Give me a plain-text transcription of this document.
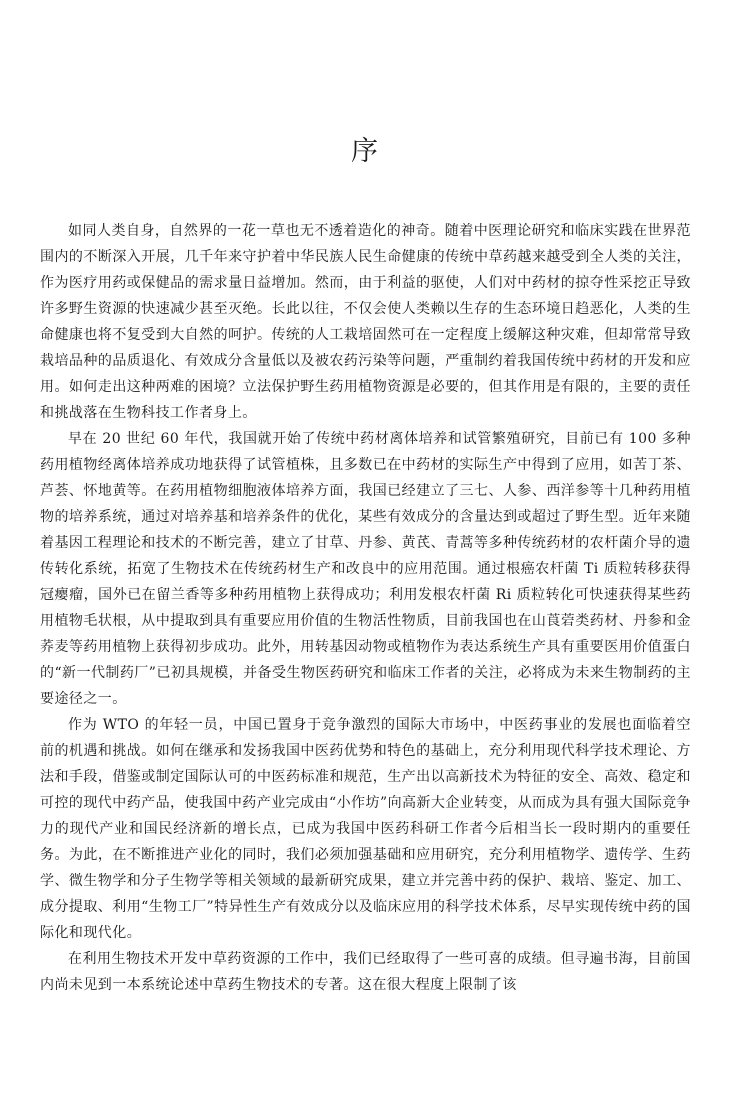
序

如同人类自身，自然界的一花一草也无不透着造化的神奇。随着中医理论研究和临床实践在世界范围内的不断深入开展，几千年来守护着中华民族人民生命健康的传统中草药越来越受到全人类的关注，作为医疗用药或保健品的需求量日益增加。然而，由于利益的驱使，人们对中药材的掠夺性采挖正导致许多野生资源的快速减少甚至灭绝。长此以往，不仅会使人类赖以生存的生态环境日趋恶化，人类的生命健康也将不复受到大自然的呵护。传统的人工栽培固然可在一定程度上缓解这种灾难，但却常常导致栽培品种的品质退化、有效成分含量低以及被农药污染等问题，严重制约着我国传统中药材的开发和应用。如何走出这种两难的困境？立法保护野生药用植物资源是必要的，但其作用是有限的，主要的责任和挑战落在生物科技工作者身上。

早在 20 世纪 60 年代，我国就开始了传统中药材离体培养和试管繁殖研究，目前已有 100 多种药用植物经离体培养成功地获得了试管植株，且多数已在中药材的实际生产中得到了应用，如苦丁茶、芦荟、怀地黄等。在药用植物细胞液体培养方面，我国已经建立了三七、人参、西洋参等十几种药用植物的培养系统，通过对培养基和培养条件的优化，某些有效成分的含量达到或超过了野生型。近年来随着基因工程理论和技术的不断完善，建立了甘草、丹参、黄芪、青蒿等多种传统药材的农杆菌介导的遗传转化系统，拓宽了生物技术在传统药材生产和改良中的应用范围。通过根癌农杆菌 Ti 质粒转移获得冠瘿瘤，国外已在留兰香等多种药用植物上获得成功；利用发根农杆菌 Ri 质粒转化可快速获得某些药用植物毛状根，从中提取到具有重要应用价值的生物活性物质，目前我国也在山莨菪类药材、丹参和金荞麦等药用植物上获得初步成功。此外，用转基因动物或植物作为表达系统生产具有重要医用价值蛋白的“新一代制药厂”已初具规模，并备受生物医药研究和临床工作者的关注，必将成为未来生物制药的主要途径之一。

作为 WTO 的年轻一员，中国已置身于竞争激烈的国际大市场中，中医药事业的发展也面临着空前的机遇和挑战。如何在继承和发扬我国中医药优势和特色的基础上，充分利用现代科学技术理论、方法和手段，借鉴或制定国际认可的中医药标准和规范，生产出以高新技术为特征的安全、高效、稳定和可控的现代中药产品，使我国中药产业完成由“小作坊”向高新大企业转变，从而成为具有强大国际竞争力的现代产业和国民经济新的增长点，已成为我国中医药科研工作者今后相当长一段时期内的重要任务。为此，在不断推进产业化的同时，我们必须加强基础和应用研究，充分利用植物学、遗传学、生药学、微生物学和分子生物学等相关领域的最新研究成果，建立并完善中药的保护、栽培、鉴定、加工、成分提取、利用“生物工厂”特异性生产有效成分以及临床应用的科学技术体系，尽早实现传统中药的国际化和现代化。

在利用生物技术开发中草药资源的工作中，我们已经取得了一些可喜的成绩。但寻遍书海，目前国内尚未见到一本系统论述中草药生物技术的专著。这在很大程度上限制了该
